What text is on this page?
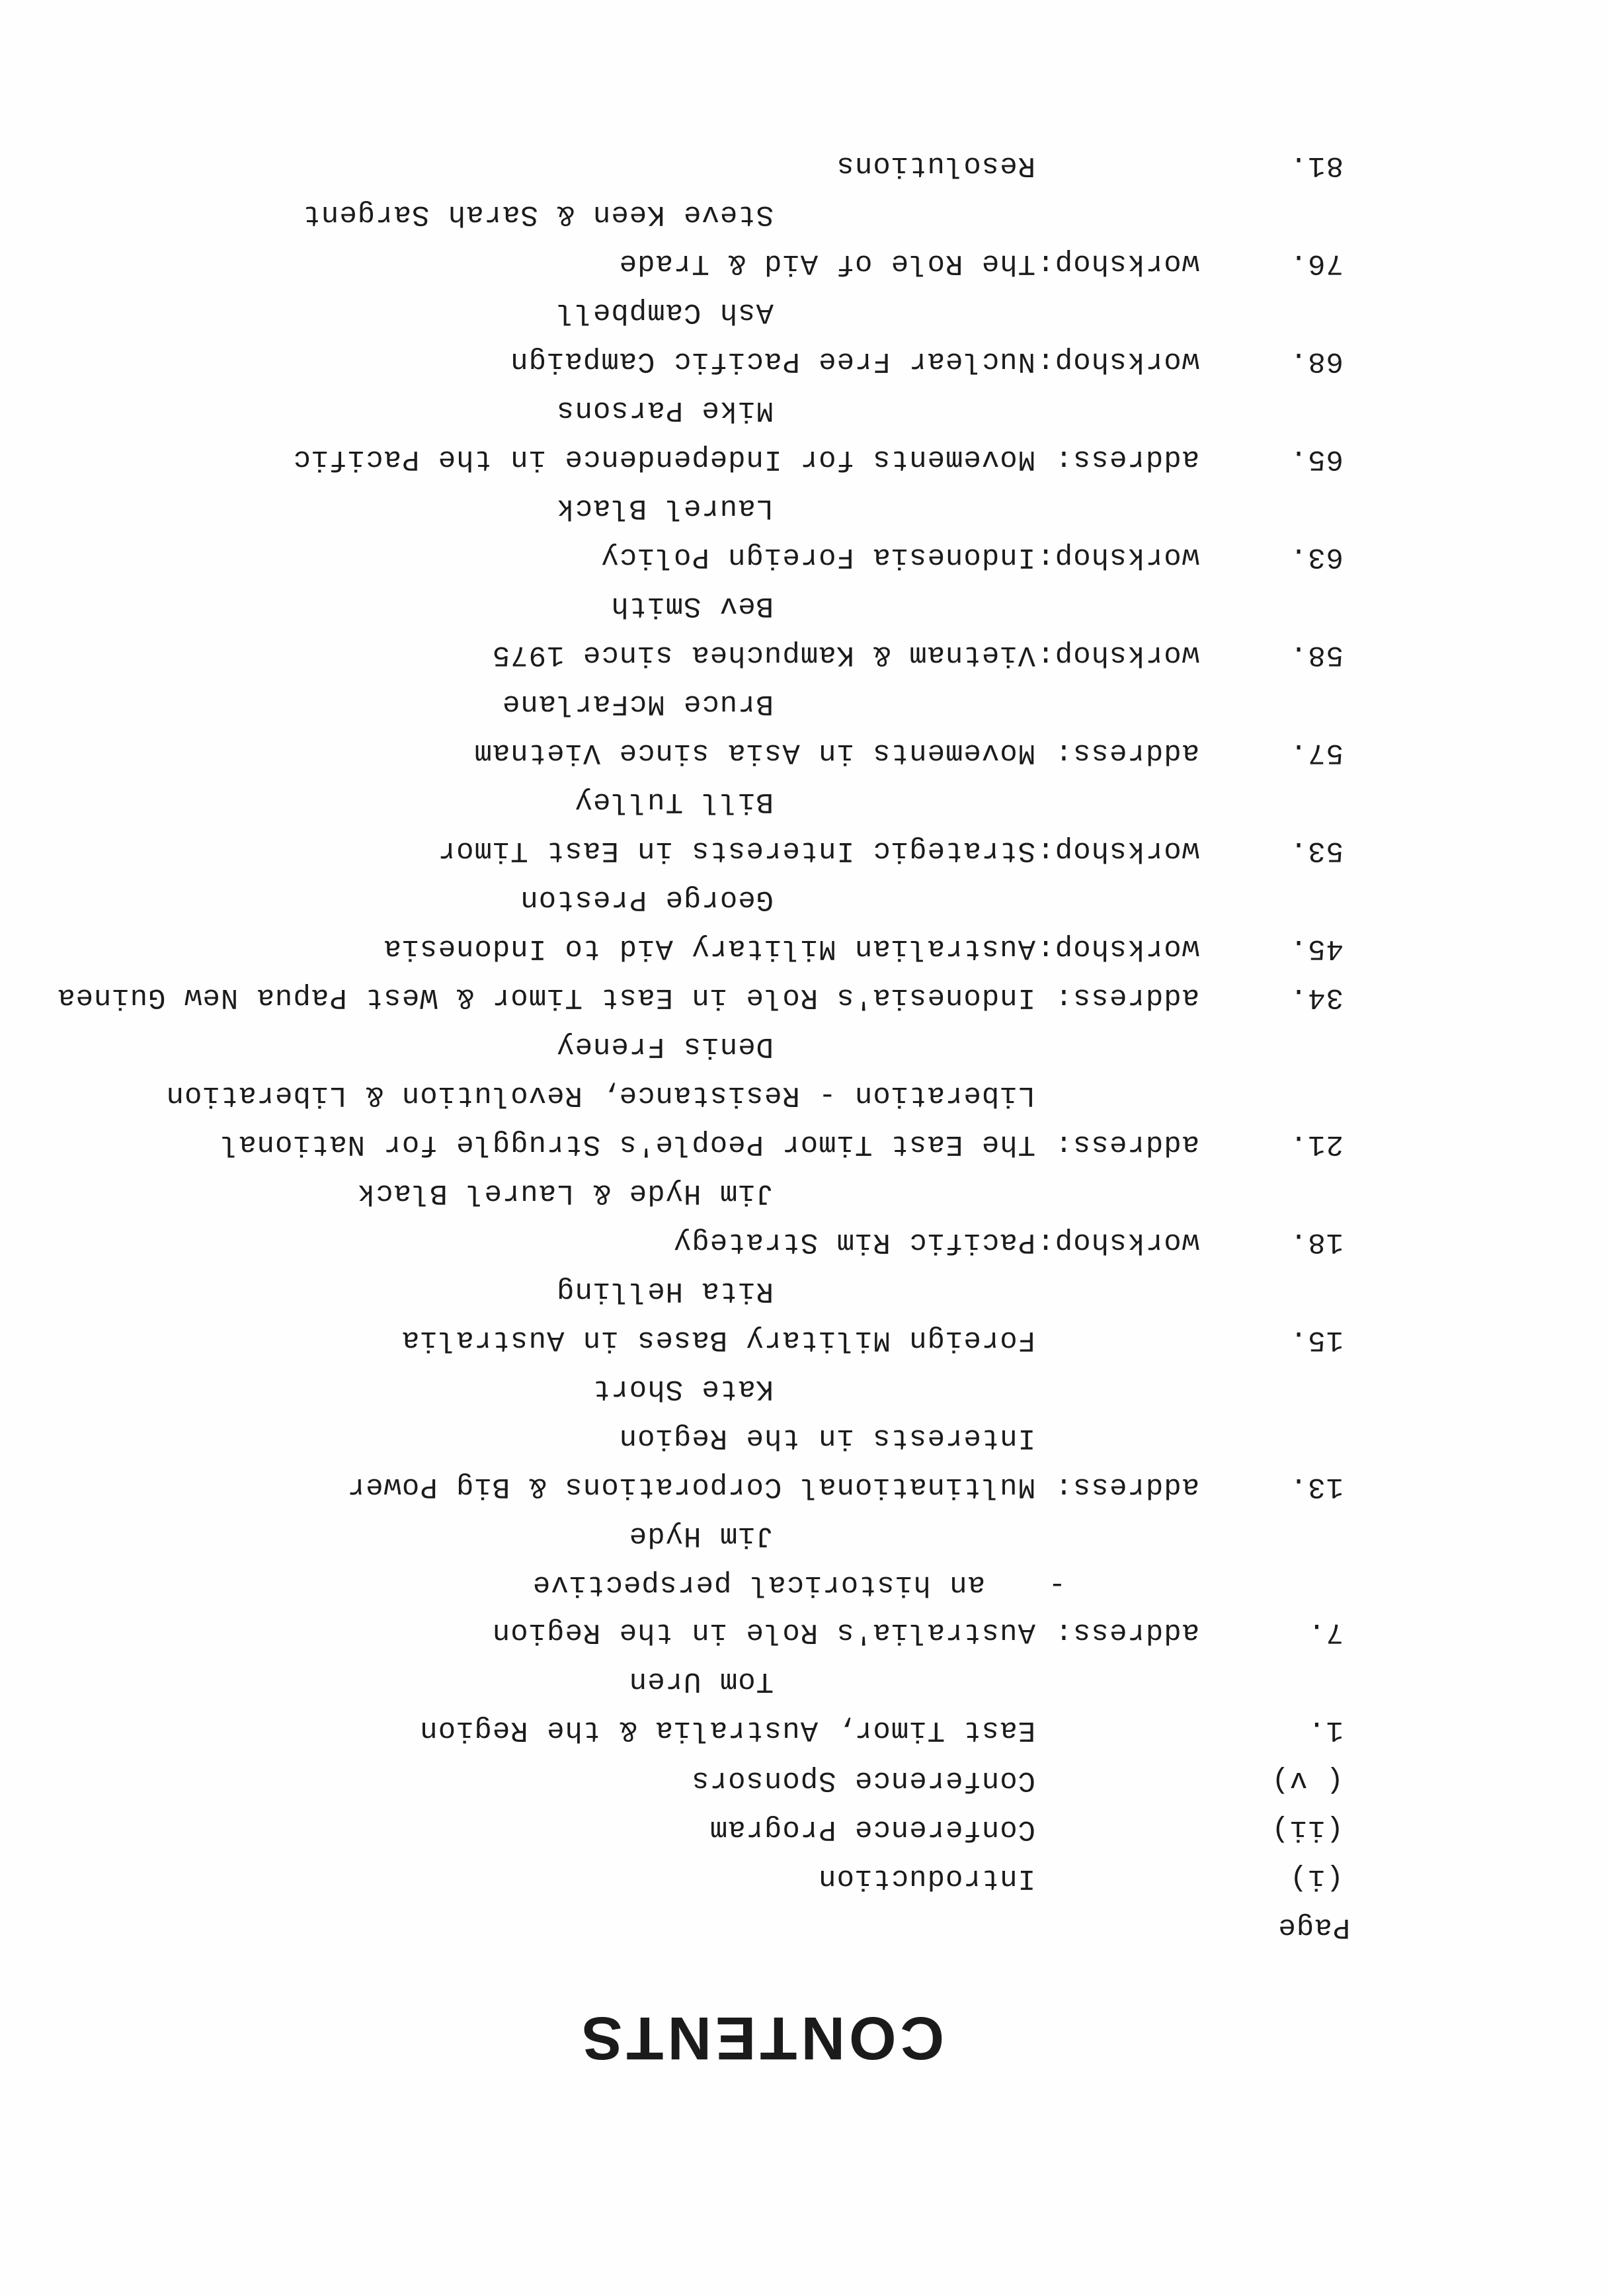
CONTENTS
Page
(i)
Introduction
(ii)
Conference Program
( v)
Conference Sponsors
1.
East Timor, Australia & the Region
Tom Uren
7.
address:
Australia's Role in the Region
-
an historical perspective
Jim Hyde
13.
address:
Multinational Corporations & Big Power
Interests in the Region
Kate Short
15.
Foreign Military Bases in Australia
Rita Helling
18.
workshop:
Pacific Rim Strategy
Jim Hyde & Laurel Black
21.
address:
The East Timor People's Struggle for National
Liberation - Resistance, Revolution & Liberation
Denis Freney
34.
address:
Indonesia's Role in East Timor & West Papua New Guinea
45.
workshop:
Australian Military Aid to Indonesia
George Preston
53.
workshop:
Strategic Interests in East Timor
Bill Tulley
57.
address:
Movements in Asia since Vietnam
Bruce McFarlane
58.
workshop:
Vietnam & Kampuchea since 1975
Bev Smith
63.
workshop:
Indonesia Foreign Policy
Laurel Black
65.
address:
Movements for Independence in the Pacific
Mike Parsons
68.
workshop:
Nuclear Free Pacific Campaign
Ash Campbell
76.
workshop:
The Role of Aid & Trade
Steve Keen & Sarah Sargent
81.
Resolutions
